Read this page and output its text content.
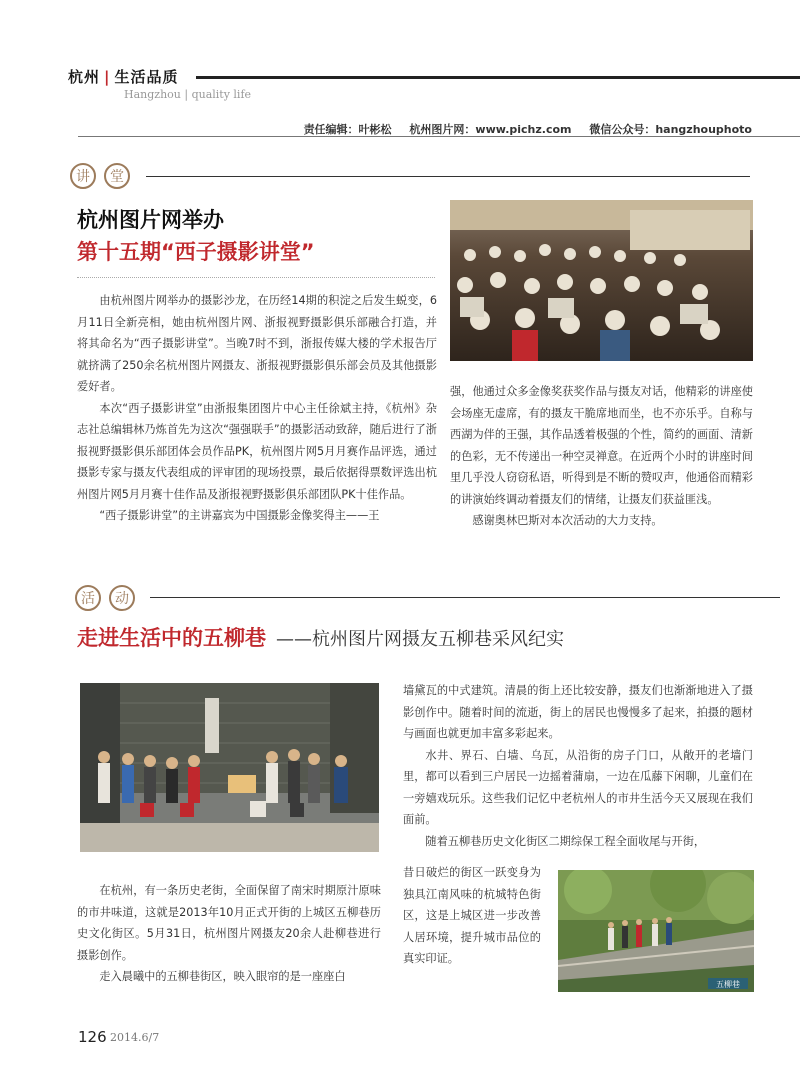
杭州 | 生活品质
Hangzhou | quality life
责任编辑：叶彬松 杭州图片网：www.pichz.com 微信公众号：hangzhouphoto
讲	堂
杭州图片网举办
第十五期“西子摄影讲堂”

由杭州图片网举办的摄影沙龙，在历经14期的积淀之后发生蜕变，6月11日全新亮相，她由杭州图片网、浙报视野摄影俱乐部融合打造，并将其命名为“西子摄影讲堂”。当晚7时不到，浙报传媒大楼的学术报告厅就挤满了250余名杭州图片网摄友、浙报视野摄影俱乐部会员及其他摄影爱好者。

本次“西子摄影讲堂”由浙报集团图片中心主任徐斌主持，《杭州》杂志社总编辑林乃炼首先为这次“强强联手”的摄影活动致辞，随后进行了浙报视野摄影俱乐部团体会员作品PK，杭州图片网5月月赛作品评选，通过摄影专家与摄友代表组成的评审团的现场投票，最后依据得票数评选出杭州图片网5月月赛十佳作品及浙报视野摄影俱乐部团队PK十佳作品。

“西子摄影讲堂”的主讲嘉宾为中国摄影金像奖得主——王

强，他通过众多金像奖获奖作品与摄友对话，他精彩的讲座使会场座无虚席，有的摄友干脆席地而坐，也不亦乐乎。自称与西湖为伴的王强，其作品透着极强的个性，简约的画面、清新的色彩，无不传递出一种空灵禅意。在近两个小时的讲座时间里几乎没人窃窃私语，听得到是不断的赞叹声，他通俗而精彩的讲演始终调动着摄友们的情绪，让摄友们获益匪浅。

感谢奥林巴斯对本次活动的大力支持。

活	动
走进生活中的五柳巷 ——杭州图片网摄友五柳巷采风纪实

在杭州，有一条历史老街，全面保留了南宋时期原汁原味的市井味道，这就是2013年10月正式开街的上城区五柳巷历史文化街区。5月31日，杭州图片网摄友20余人赴柳巷进行摄影创作。

走入晨曦中的五柳巷街区，映入眼帘的是一座座白

墙黛瓦的中式建筑。清晨的街上还比较安静，摄友们也渐渐地进入了摄影创作中。随着时间的流逝，街上的居民也慢慢多了起来，拍摄的题材与画面也就更加丰富多彩起来。

水井、界石、白墙、乌瓦，从沿街的房子门口，从敞开的老墙门里，都可以看到三户居民一边摇着蒲扇，一边在瓜藤下闲聊，儿童们在一旁嬉戏玩乐。这些我们记忆中老杭州人的市井生活今天又展现在我们面前。

随着五柳巷历史文化街区二期综保工程全面收尾与开街，

昔日破烂的街区一跃变身为独具江南风味的杭城特色街区，这是上城区进一步改善人居环境，提升城市品位的真实印证。

五柳巷
126 2014.6/7
